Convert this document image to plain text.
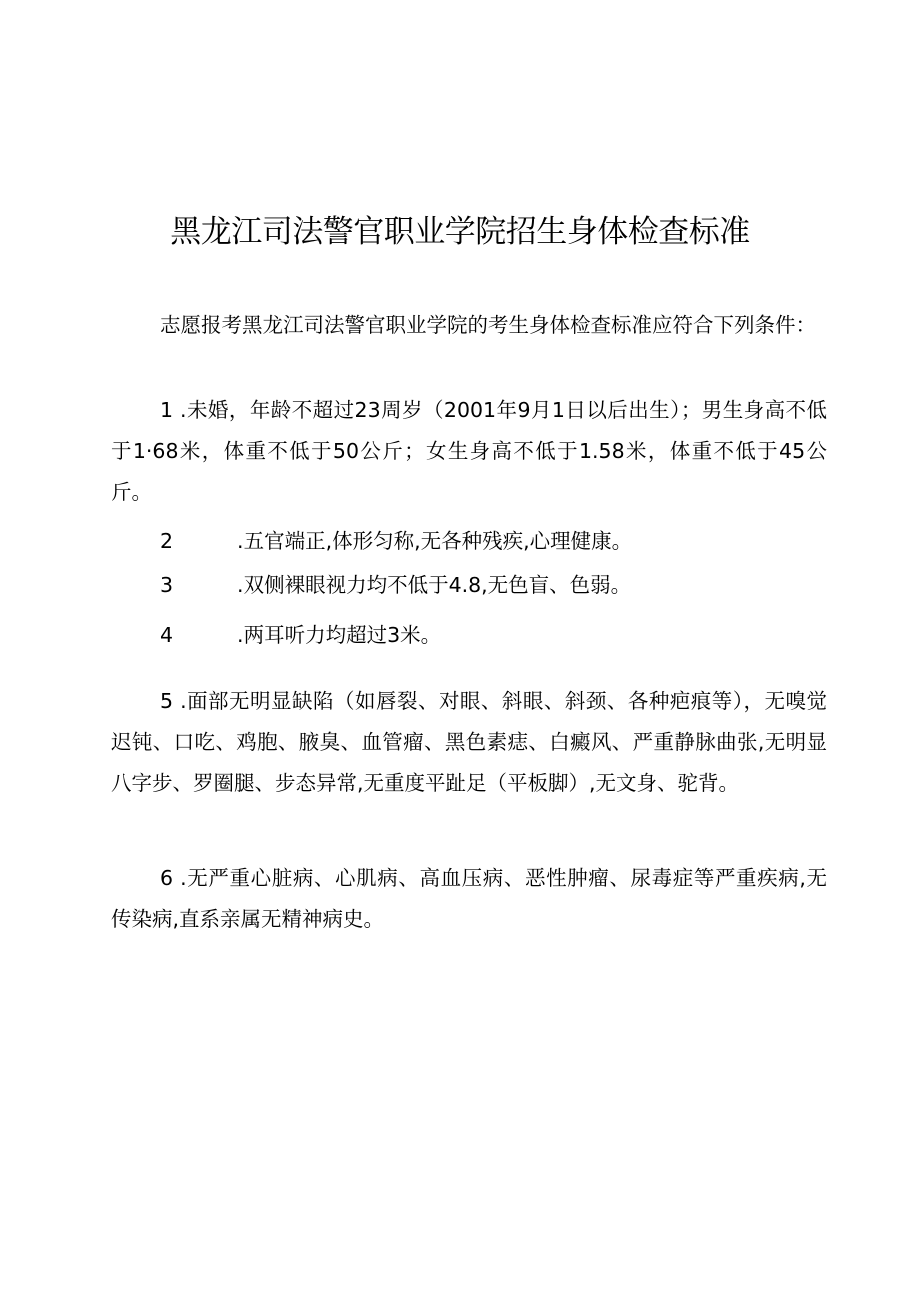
黑龙江司法警官职业学院招生身体检查标准

志愿报考黑龙江司法警官职业学院的考生身体检查标准应符合下列条件：

1 .未婚，年龄不超过23周岁（2001年9月1日以后出生）；男生身高不低于1·68米，体重不低于50公斤；女生身高不低于1.58米，体重不低于45公斤。

2	.五官端正,体形匀称,无各种残疾,心理健康。
3	.双侧裸眼视力均不低于4.8,无色盲、色弱。
4	.两耳听力均超过3米。

5 .面部无明显缺陷（如唇裂、对眼、斜眼、斜颈、各种疤痕等），无嗅觉迟钝、口吃、鸡胞、腋臭、血管瘤、黑色素痣、白癜风、严重静脉曲张,无明显八字步、罗圈腿、步态异常,无重度平趾足（平板脚）,无文身、驼背。

6 .无严重心脏病、心肌病、高血压病、恶性肿瘤、尿毒症等严重疾病,无传染病,直系亲属无精神病史。
